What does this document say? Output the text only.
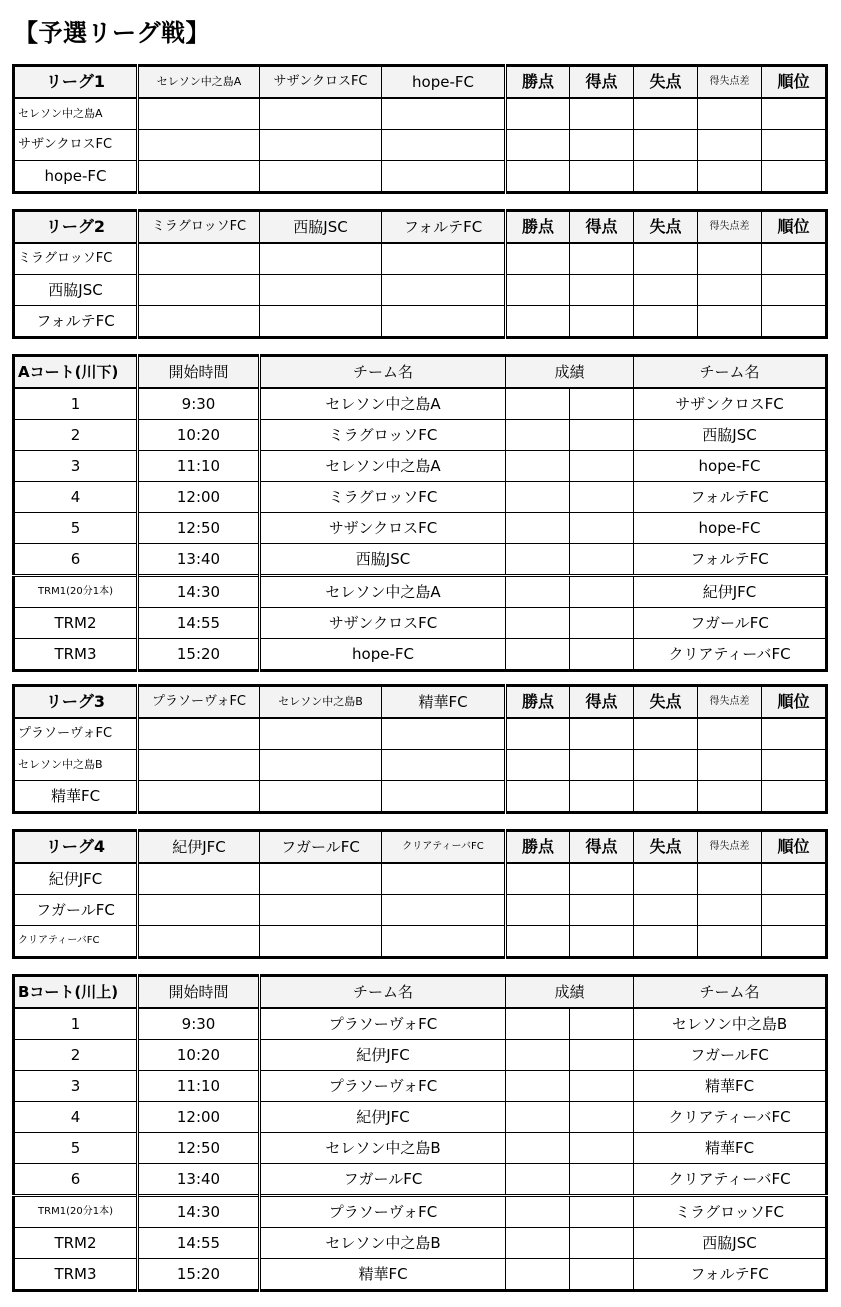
【予選リーグ戦】
リーグ1	セレソン中之島A	サザンクロスFC	hope-FC	勝点	得点	失点	得失点差	順位
セレソン中之島A								
サザンクロスFC								
hope-FC								
リーグ2	ミラグロッソFC	西脇JSC	フォルテFC	勝点	得点	失点	得失点差	順位
ミラグロッソFC								
西脇JSC								
フォルテFC								
Aコート(川下)	開始時間	チーム名	成績		チーム名
1	9:30	セレソン中之島A			サザンクロスFC
2	10:20	ミラグロッソFC			西脇JSC
3	11:10	セレソン中之島A			hope-FC
4	12:00	ミラグロッソFC			フォルテFC
5	12:50	サザンクロスFC			hope-FC
6	13:40	西脇JSC			フォルテFC
TRM1(20分1本)	14:30	セレソン中之島A			紀伊JFC
TRM2	14:55	サザンクロスFC			フガールFC
TRM3	15:20	hope-FC			クリアティーバFC
リーグ3	プラソーヴォFC	セレソン中之島B	精華FC	勝点	得点	失点	得失点差	順位
プラソーヴォFC								
セレソン中之島B								
精華FC								
リーグ4	紀伊JFC	フガールFC	クリアティーバFC	勝点	得点	失点	得失点差	順位
紀伊JFC								
フガールFC								
クリアティーバFC								
Bコート(川上)	開始時間	チーム名	成績		チーム名
1	9:30	プラソーヴォFC			セレソン中之島B
2	10:20	紀伊JFC			フガールFC
3	11:10	プラソーヴォFC			精華FC
4	12:00	紀伊JFC			クリアティーバFC
5	12:50	セレソン中之島B			精華FC
6	13:40	フガールFC			クリアティーバFC
TRM1(20分1本)	14:30	プラソーヴォFC			ミラグロッソFC
TRM2	14:55	セレソン中之島B			西脇JSC
TRM3	15:20	精華FC			フォルテFC
